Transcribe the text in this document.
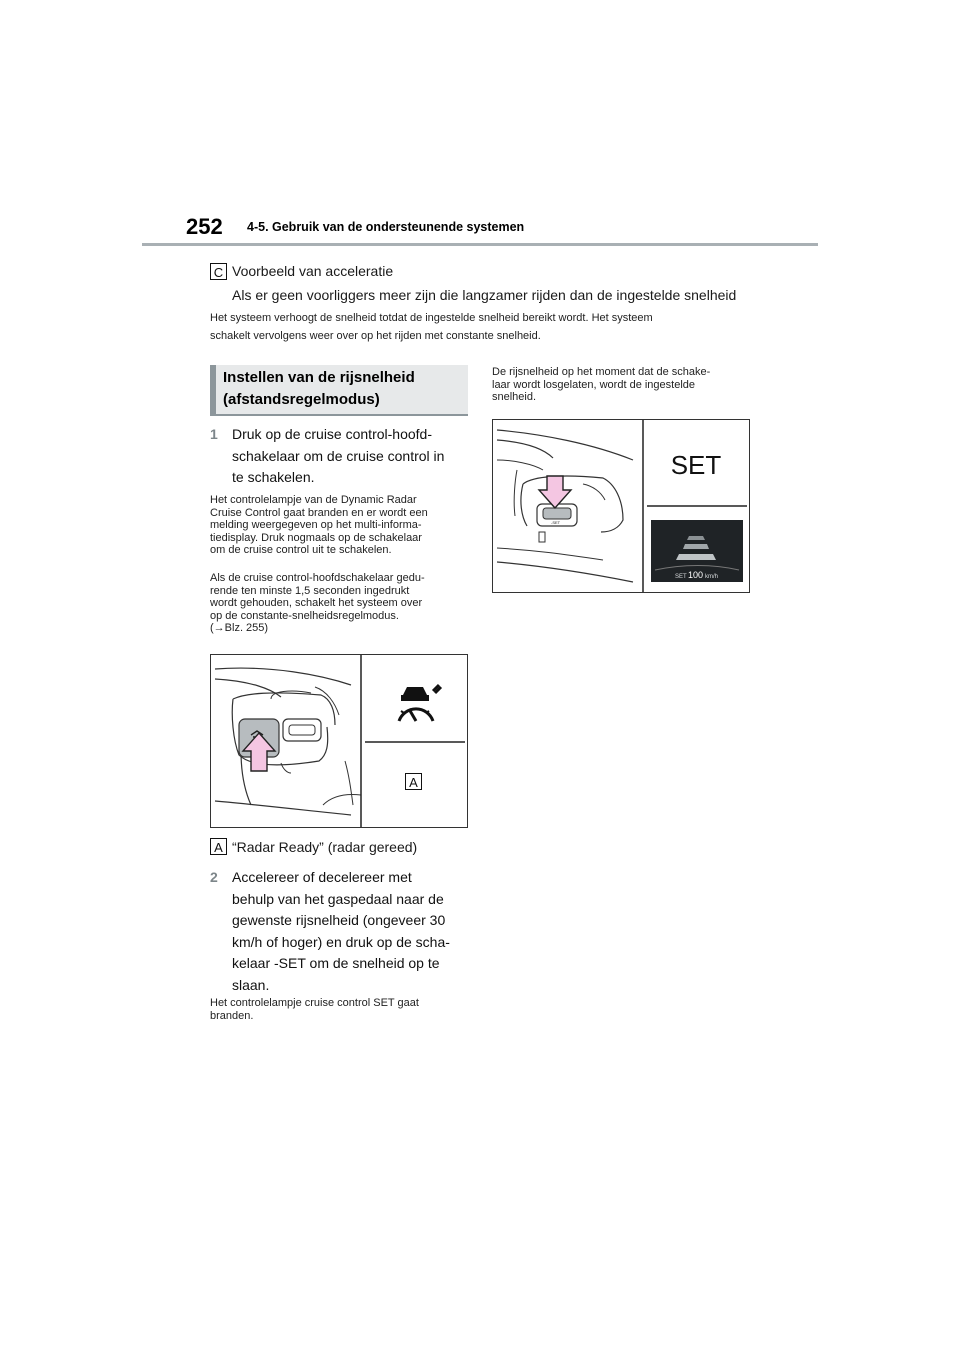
252 4-5. Gebruik van de ondersteunende systemen
C Voorbeeld van acceleratie
Als er geen voorliggers meer zijn die langzamer rijden dan de ingestelde snelheid
Het systeem verhoogt de snelheid totdat de ingestelde snelheid bereikt wordt. Het systeem
schakelt vervolgens weer over op het rijden met constante snelheid.
Instellen van de rijsnelheid
(afstandsregelmodus)
1 Druk op de cruise control-hoofd-
schakelaar om de cruise control in
te schakelen.
Het controlelampje van de Dynamic Radar
Cruise Control gaat branden en er wordt een
melding weergegeven op het multi-informa-
tiedisplay. Druk nogmaals op de schakelaar
om de cruise control uit te schakelen.
Als de cruise control-hoofdschakelaar gedu-
rende ten minste 1,5 seconden ingedrukt
wordt gehouden, schakelt het systeem over
op de constante-snelheidsregelmodus.
(→Blz. 255)
A
A “Radar Ready” (radar gereed)
2 Accelereer of decelereer met
behulp van het gaspedaal naar de
gewenste rijsnelheid (ongeveer 30
km/h of hoger) en druk op de scha-
kelaar -SET om de snelheid op te
slaan.
Het controlelampje cruise control SET gaat
branden.
De rijsnelheid op het moment dat de schake-
laar wordt losgelaten, wordt de ingestelde
snelheid.
-SET
SET
SET 100 km/h
